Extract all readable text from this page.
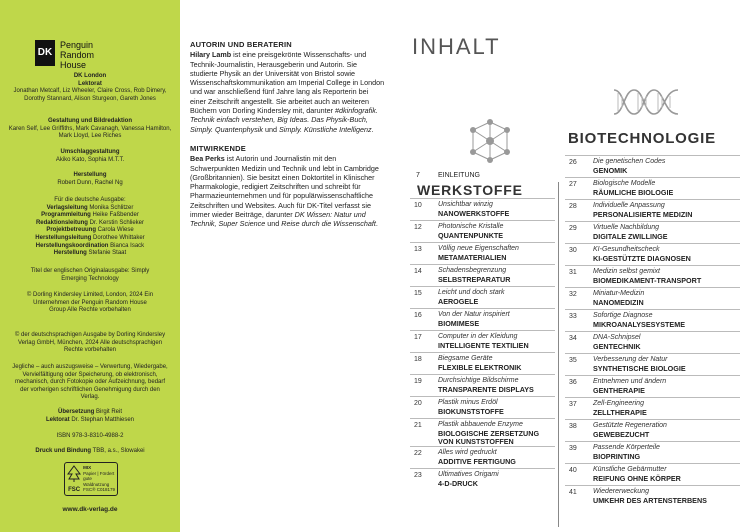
DK
Penguin
Random
House
DK London
Lektorat
Jonathan Metcalf, Liz Wheeler, Claire Cross, Rob Dimery, Dorothy Stannard, Alison Sturgeon, Gareth Jones
Gestaltung und Bildredaktion
Karen Self, Lee Griffiths, Mark Cavanagh, Vanessa Hamilton, Mark Lloyd, Lee Riches
Umschlaggestaltung
Akiko Kato, Sophia M.T.T.
Herstellung
Robert Dunn, Rachel Ng
Für die deutsche Ausgabe:
Verlagsleitung Monika Schlitzer
Programmleitung Heike Faßbender
Redaktionsleitung Dr. Kerstin Schlieker
Projektbetreuung Carola Wiese
Herstellungsleitung Dorothee Whittaker
Herstellungskoordination Bianca Isack
Herstellung Stefanie Staat
Titel der englischen Originalausgabe: Simply Emerging Technology
© Dorling Kindersley Limited, London, 2024 Ein Unternehmen der Penguin Random House Group Alle Rechte vorbehalten
© der deutschsprachigen Ausgabe by Dorling Kindersley Verlag GmbH, München, 2024 Alle deutschsprachigen Rechte vorbehalten
Jegliche – auch auszugsweise – Verwertung, Wiedergabe, Vervielfältigung oder Speicherung, ob elektronisch, mechanisch, durch Fotokopie oder Aufzeichnung, bedarf der vorherigen schriftlichen Genehmigung durch den Verlag.
Übersetzung Birgit Reit
Lektorat Dr. Stephan Matthiesen
ISBN 978-3-8310-4988-2
Druck und Bindung TBB, a.s., Slowakei
FSC
MIX
Papier | Fördert
gute Waldnutzung
FSC® C018179
www.dk-verlag.de
AUTORIN UND BERATERIN

Hilary Lamb ist eine preisgekrönte Wissenschafts- und Technik-Journalistin, Herausgeberin und Autorin. Sie studierte Physik an der Universität von Bristol sowie Wissenschaftskommunikation am Imperial College in London und war anschließend fünf Jahre lang als Reporterin bei einer Zeitschrift angestellt. Sie arbeitet auch an weiteren Büchern von Dorling Kindersley mit, darunter #dkinfografik. Technik einfach verstehen, Big Ideas. Das Physik-Buch, Simply. Quantenphysik und Simply. Künstliche Intelligenz.

MITWIRKENDE

Bea Perks ist Autorin und Journalistin mit den Schwerpunkten Medizin und Technik und lebt in Cambridge (Großbritannien). Sie besitzt einen Doktortitel in Klinischer Pharmakologie, redigiert Zeitschriften und schreibt für Pharmazieunternehmen und für populärwissenschaftliche Zeitschriften und Websites. Auch für DK-Titel verfasst sie immer wieder Beiträge, darunter DK Wissen: Natur und Technik, Super Science und Reise durch die Wissenschaft.

INHALT
7	EINLEITUNG
WERKSTOFFE
10 Unsichtbar winzig
NANOWERKSTOFFE
12 Photonische Kristalle
QUANTENPUNKTE
13 Völlig neue Eigenschaften
METAMATERIALIEN
14 Schadensbegrenzung
SELBSTREPARATUR
15 Leicht und doch stark
AEROGELE
16 Von der Natur inspiriert
BIOMIMESE
17 Computer in der Kleidung
INTELLIGENTE TEXTILIEN
18 Biegsame Geräte
FLEXIBLE ELEKTRONIK
19 Durchsichtige Bildschirme
TRANSPARENTE DISPLAYS
20 Plastik minus Erdöl
BIOKUNSTSTOFFE
21 Plastik abbauende Enzyme
BIOLOGISCHE ZERSETZUNG
VON KUNSTSTOFFEN
22 Alles wird gedruckt
ADDITIVE FERTIGUNG
23 Ultimatives Origami
4-D-DRUCK
BIOTECHNOLOGIE
26 Die genetischen Codes
GENOMIK
27 Biologische Modelle
RÄUMLICHE BIOLOGIE
28 Individuelle Anpassung
PERSONALISIERTE MEDIZIN
29 Virtuelle Nachbildung
DIGITALE ZWILLINGE
30 KI-Gesundheitscheck
KI-GESTÜTZTE DIAGNOSEN
31 Medizin selbst gemixt
BIOMEDIKAMENT-TRANSPORT
32 Miniatur-Medizin
NANOMEDIZIN
33 Sofortige Diagnose
MIKROANALYSESYSTEME
34 DNA-Schnipsel
GENTECHNIK
35 Verbesserung der Natur
SYNTHETISCHE BIOLOGIE
36 Entnehmen und ändern
GENTHERAPIE
37 Zell-Engineering
ZELLTHERAPIE
38 Gestützte Regeneration
GEWEBEZUCHT
39 Passende Körperteile
BIOPRINTING
40 Künstliche Gebärmutter
REIFUNG OHNE KÖRPER
41 Wiedererweckung
UMKEHR DES ARTENSTERBENS
